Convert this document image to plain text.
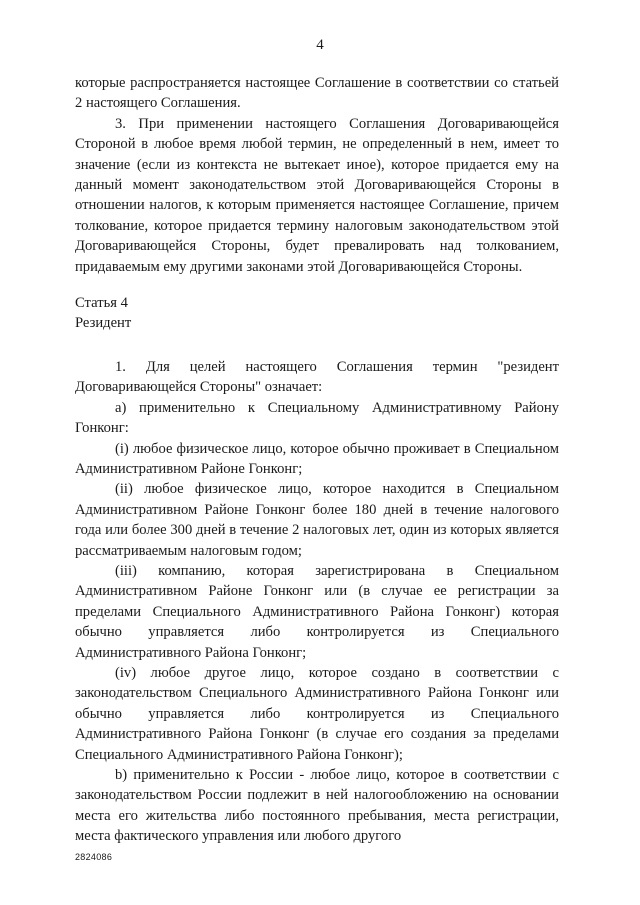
4

которые распространяется настоящее Соглашение в соответствии со статьей 2 настоящего Соглашения.

3. При применении настоящего Соглашения Договаривающейся Стороной в любое время любой термин, не определенный в нем, имеет то значение (если из контекста не вытекает иное), которое придается ему на данный момент законодательством этой Договаривающейся Стороны в отношении налогов, к которым применяется настоящее Соглашение, причем толкование, которое придается термину налоговым законодательством этой Договаривающейся Стороны, будет превалировать над толкованием, придаваемым ему другими законами этой Договаривающейся Стороны.

Статья 4

Резидент

1. Для целей настоящего Соглашения термин "резидент Договаривающейся Стороны" означает:

a) применительно к Специальному Административному Району Гонконг:

(i) любое физическое лицо, которое обычно проживает в Специальном Административном Районе Гонконг;

(ii) любое физическое лицо, которое находится в Специальном Административном Районе Гонконг более 180 дней в течение налогового года или более 300 дней в течение 2 налоговых лет, один из которых является рассматриваемым налоговым годом;

(iii) компанию, которая зарегистрирована в Специальном Административном Районе Гонконг или (в случае ее регистрации за пределами Специального Административного Района Гонконг) которая обычно управляется либо контролируется из Специального Административного Района Гонконг;

(iv) любое другое лицо, которое создано в соответствии с законодательством Специального Административного Района Гонконг или обычно управляется либо контролируется из Специального Административного Района Гонконг (в случае его создания за пределами Специального Административного Района Гонконг);

b) применительно к России - любое лицо, которое в соответствии с законодательством России подлежит в ней налогообложению на основании места его жительства либо постоянного пребывания, места регистрации, места фактического управления или любого другого

2824086
